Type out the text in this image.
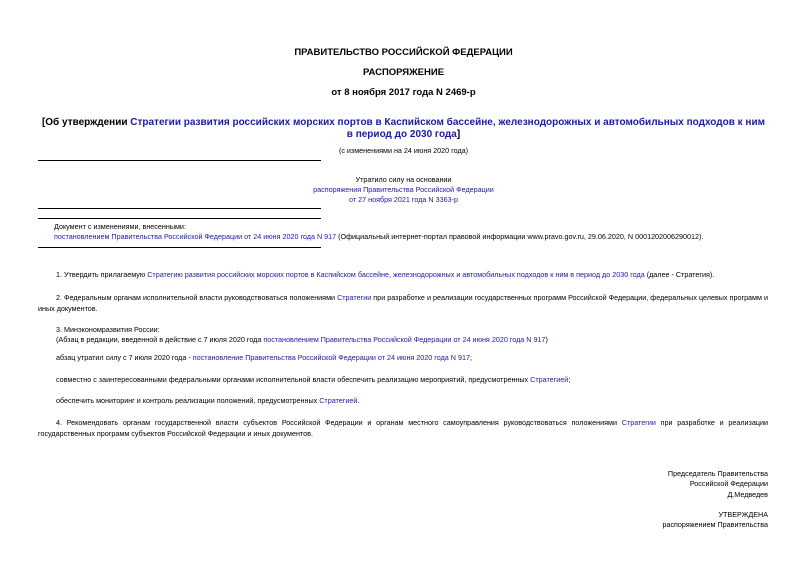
ПРАВИТЕЛЬСТВО РОССИЙСКОЙ ФЕДЕРАЦИИ
РАСПОРЯЖЕНИЕ
от 8 ноября 2017 года N 2469-р
[Об утверждении Стратегии развития российских морских портов в Каспийском бассейне, железнодорожных и автомобильных подходов к ним в период до 2030 года]
(с изменениями на 24 июня 2020 года)
Утратило силу на основании
распоряжения Правительства Российской Федерации
от 27 ноября 2021 года N 3363-р
Документ с изменениями, внесенными:
постановлением Правительства Российской Федерации от 24 июня 2020 года N 917 (Официальный интернет-портал правовой информации www.pravo.gov.ru, 29.06.2020, N 0001202006290012).
1. Утвердить прилагаемую Стратегию развития российских морских портов в Каспийском бассейне, железнодорожных и автомобильных подходов к ним в период до 2030 года (далее - Стратегия).
2. Федеральным органам исполнительной власти руководствоваться положениями Стратегии при разработке и реализации государственных программ Российской Федерации, федеральных целевых программ и иных документов.
3. Минэкономразвития России:
(Абзац в редакции, введенной в действие с 7 июля 2020 года постановлением Правительства Российской Федерации от 24 июня 2020 года N 917)
абзац утратил силу с 7 июля 2020 года - постановление Правительства Российской Федерации от 24 июня 2020 года N 917;
совместно с заинтересованными федеральными органами исполнительной власти обеспечить реализацию мероприятий, предусмотренных Стратегией;
обеспечить мониторинг и контроль реализации положений, предусмотренных Стратегией.
4. Рекомендовать органам государственной власти субъектов Российской Федерации и органам местного самоуправления руководствоваться положениями Стратегии при разработке и реализации государственных программ субъектов Российской Федерации и иных документов.
Председатель Правительства
Российской Федерации
Д.Медведев
УТВЕРЖДЕНА
распоряжением Правительства
